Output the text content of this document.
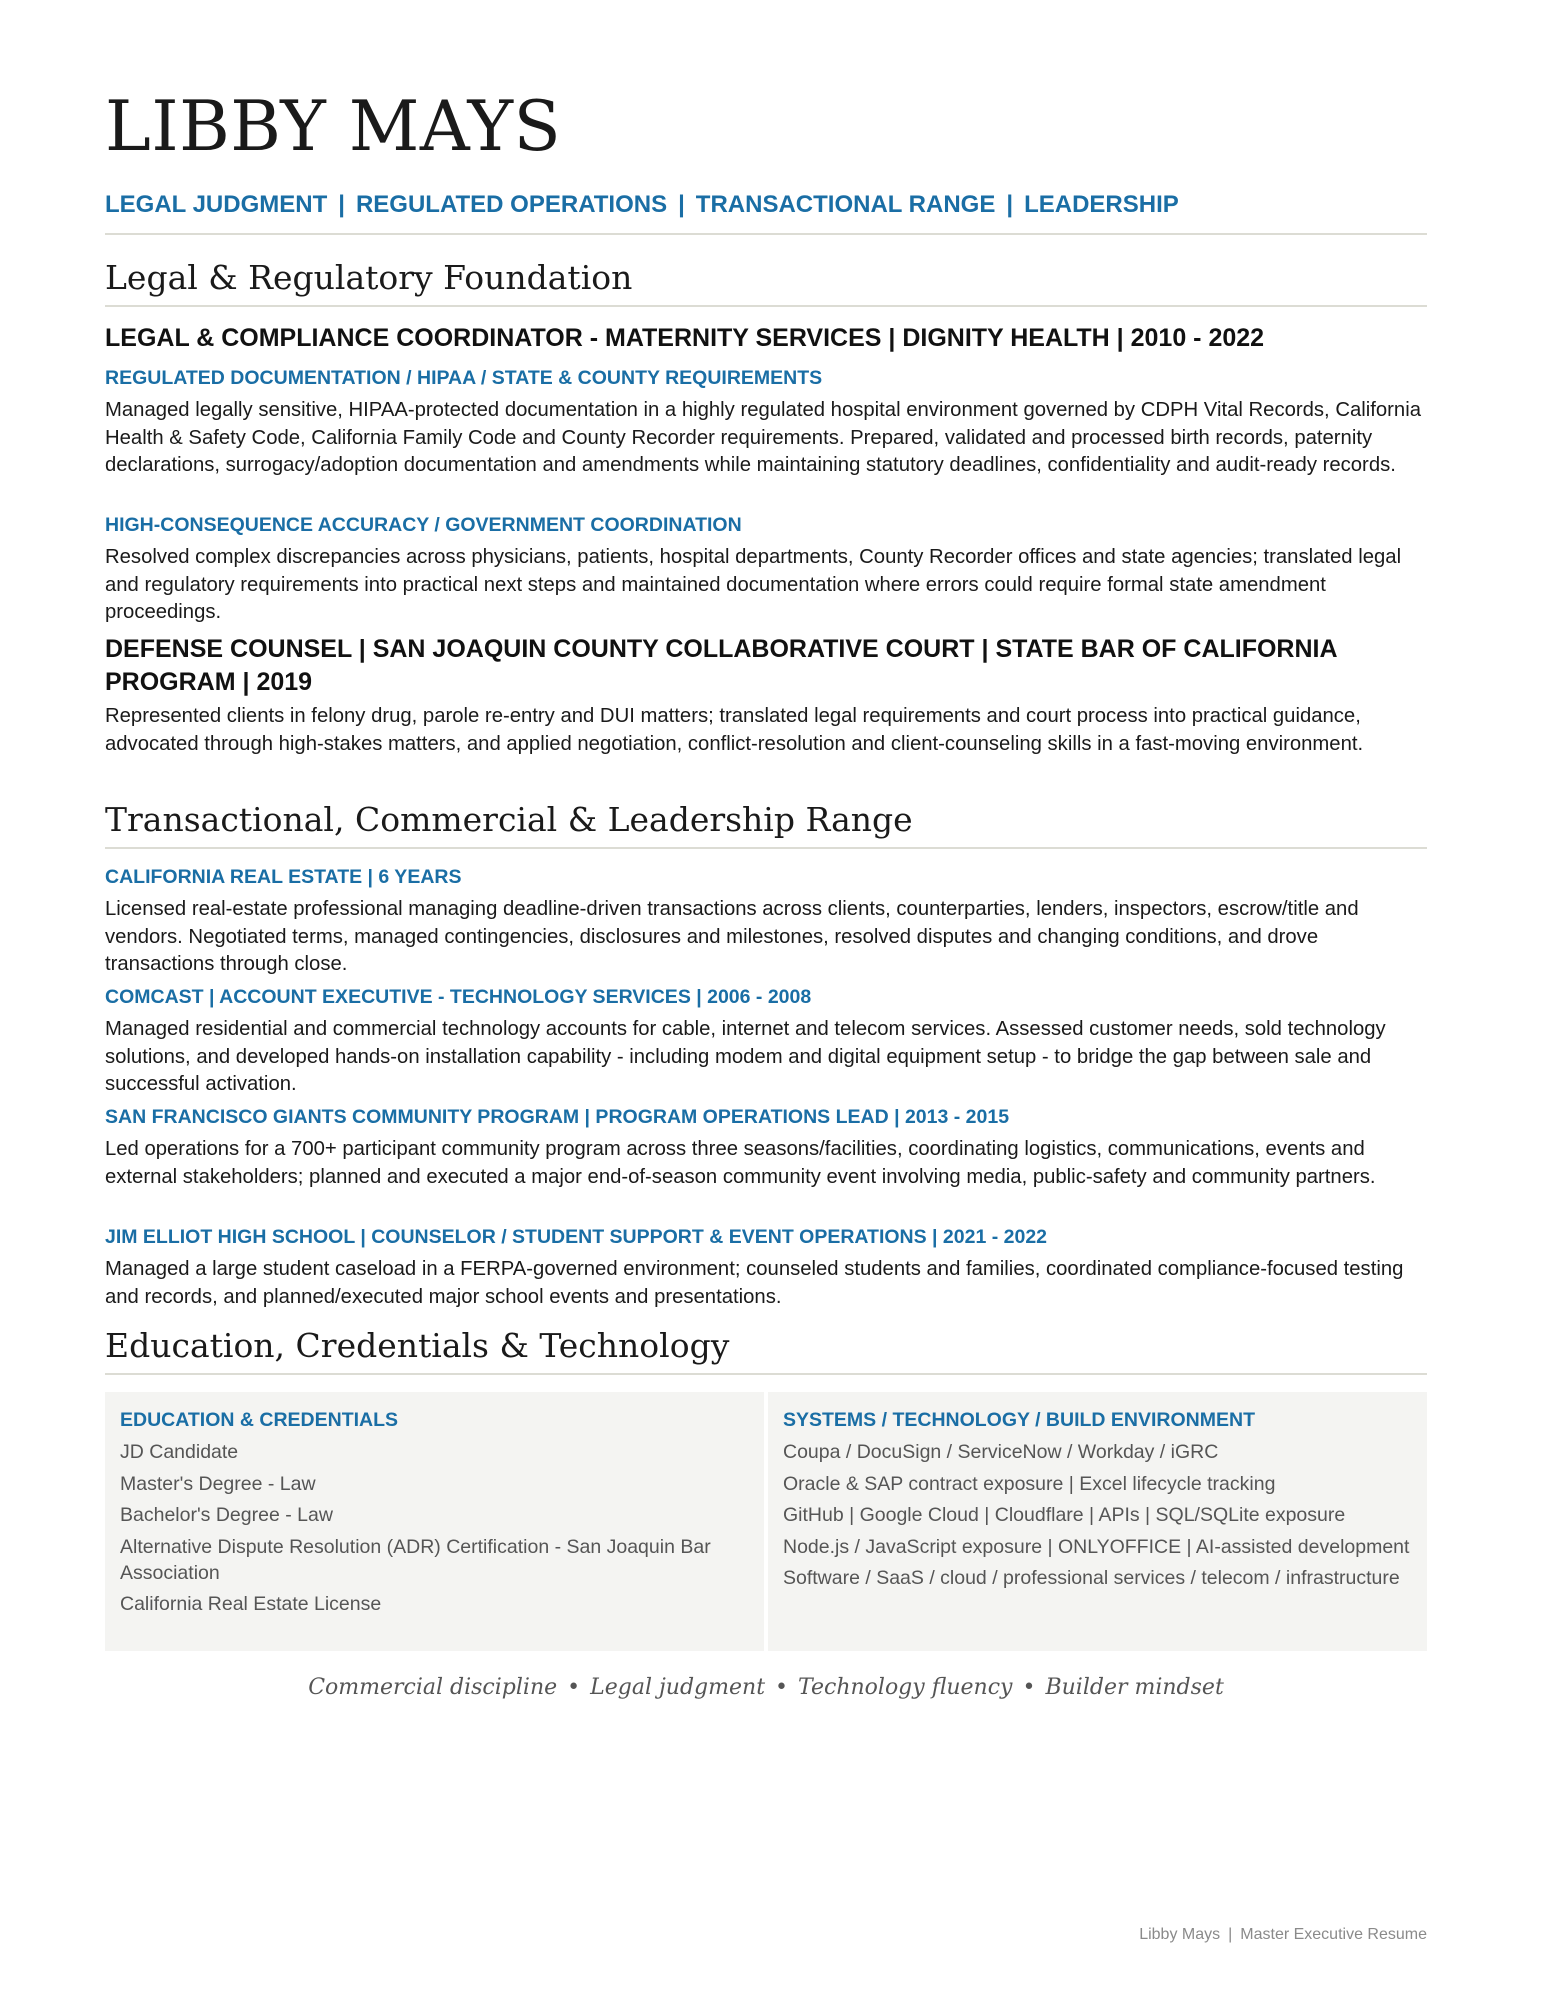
LIBBY MAYS
LEGAL JUDGMENT | REGULATED OPERATIONS | TRANSACTIONAL RANGE | LEADERSHIP
Legal & Regulatory Foundation
LEGAL & COMPLIANCE COORDINATOR - MATERNITY SERVICES | DIGNITY HEALTH | 2010 - 2022
REGULATED DOCUMENTATION / HIPAA / STATE & COUNTY REQUIREMENTS

Managed legally sensitive, HIPAA-protected documentation in a highly regulated hospital environment governed by CDPH Vital Records, California Health & Safety Code, California Family Code and County Recorder requirements. Prepared, validated and processed birth records, paternity declarations, surrogacy/adoption documentation and amendments while maintaining statutory deadlines, confidentiality and audit-ready records.

HIGH-CONSEQUENCE ACCURACY / GOVERNMENT COORDINATION

Resolved complex discrepancies across physicians, patients, hospital departments, County Recorder offices and state agencies; translated legal and regulatory requirements into practical next steps and maintained documentation where errors could require formal state amendment proceedings.

DEFENSE COUNSEL | SAN JOAQUIN COUNTY COLLABORATIVE COURT | STATE BAR OF CALIFORNIA PROGRAM | 2019

Represented clients in felony drug, parole re-entry and DUI matters; translated legal requirements and court process into practical guidance, advocated through high-stakes matters, and applied negotiation, conflict-resolution and client-counseling skills in a fast-moving environment.

Transactional, Commercial & Leadership Range
CALIFORNIA REAL ESTATE | 6 YEARS

Licensed real-estate professional managing deadline-driven transactions across clients, counterparties, lenders, inspectors, escrow/title and vendors. Negotiated terms, managed contingencies, disclosures and milestones, resolved disputes and changing conditions, and drove transactions through close.

COMCAST | ACCOUNT EXECUTIVE - TECHNOLOGY SERVICES | 2006 - 2008

Managed residential and commercial technology accounts for cable, internet and telecom services. Assessed customer needs, sold technology solutions, and developed hands-on installation capability - including modem and digital equipment setup - to bridge the gap between sale and successful activation.

SAN FRANCISCO GIANTS COMMUNITY PROGRAM | PROGRAM OPERATIONS LEAD | 2013 - 2015

Led operations for a 700+ participant community program across three seasons/facilities, coordinating logistics, communications, events and external stakeholders; planned and executed a major end-of-season community event involving media, public-safety and community partners.

JIM ELLIOT HIGH SCHOOL | COUNSELOR / STUDENT SUPPORT & EVENT OPERATIONS | 2021 - 2022

Managed a large student caseload in a FERPA-governed environment; counseled students and families, coordinated compliance-focused testing and records, and planned/executed major school events and presentations.

Education, Credentials & Technology
EDUCATION & CREDENTIALS
JD Candidate
Master's Degree - Law
Bachelor's Degree - Law
Alternative Dispute Resolution (ADR) Certification - San Joaquin Bar Association
California Real Estate License
SYSTEMS / TECHNOLOGY / BUILD ENVIRONMENT
Coupa / DocuSign / ServiceNow / Workday / iGRC
Oracle & SAP contract exposure | Excel lifecycle tracking
GitHub | Google Cloud | Cloudflare | APIs | SQL/SQLite exposure
Node.js / JavaScript exposure | ONLYOFFICE | AI-assisted development
Software / SaaS / cloud / professional services / telecom / infrastructure
Commercial discipline • Legal judgment • Technology fluency • Builder mindset
Libby Mays | Master Executive Resume
